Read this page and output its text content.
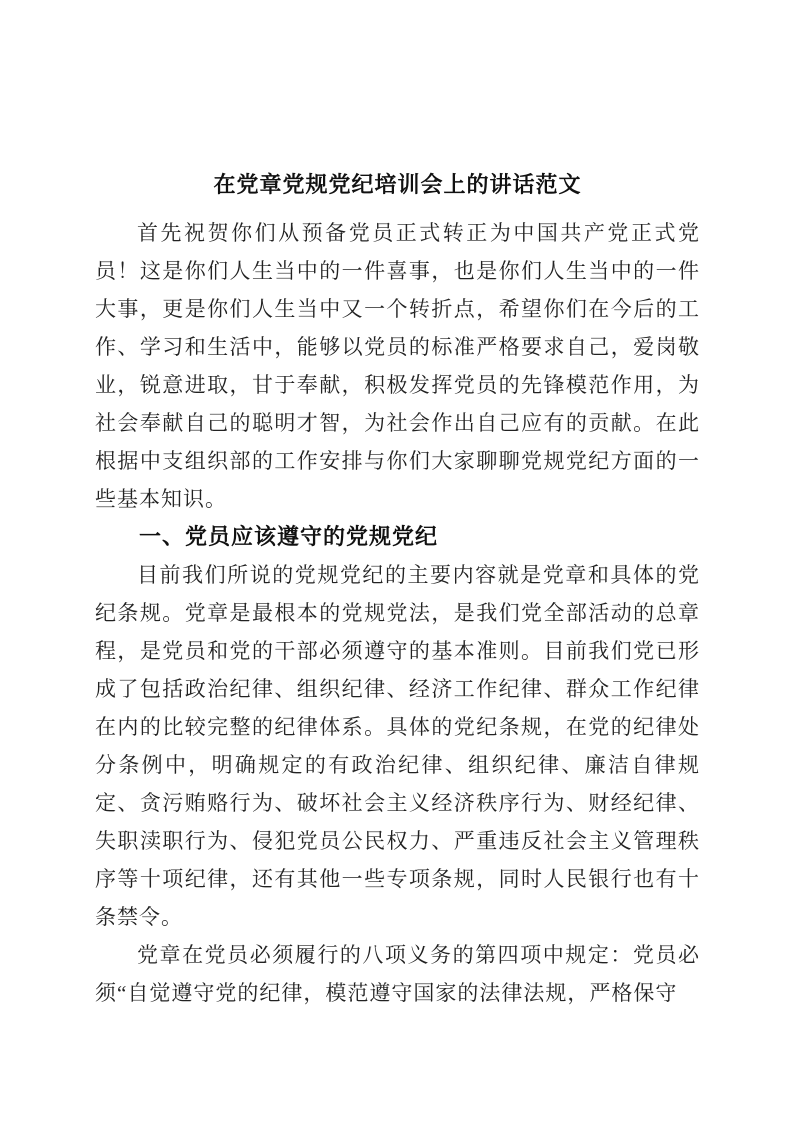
在党章党规党纪培训会上的讲话范文

首先祝贺你们从预备党员正式转正为中国共产党正式党员！这是你们人生当中的一件喜事，也是你们人生当中的一件大事，更是你们人生当中又一个转折点，希望你们在今后的工作、学习和生活中，能够以党员的标准严格要求自己，爱岗敬业，锐意进取，甘于奉献，积极发挥党员的先锋模范作用，为社会奉献自己的聪明才智，为社会作出自己应有的贡献。在此根据中支组织部的工作安排与你们大家聊聊党规党纪方面的一些基本知识。

一、党员应该遵守的党规党纪

目前我们所说的党规党纪的主要内容就是党章和具体的党纪条规。党章是最根本的党规党法，是我们党全部活动的总章程，是党员和党的干部必须遵守的基本准则。目前我们党已形成了包括政治纪律、组织纪律、经济工作纪律、群众工作纪律在内的比较完整的纪律体系。具体的党纪条规，在党的纪律处分条例中，明确规定的有政治纪律、组织纪律、廉洁自律规定、贪污贿赂行为、破坏社会主义经济秩序行为、财经纪律、失职渎职行为、侵犯党员公民权力、严重违反社会主义管理秩序等十项纪律，还有其他一些专项条规，同时人民银行也有十条禁令。

党章在党员必须履行的八项义务的第四项中规定：党员必须“自觉遵守党的纪律，模范遵守国家的法律法规，严格保守
